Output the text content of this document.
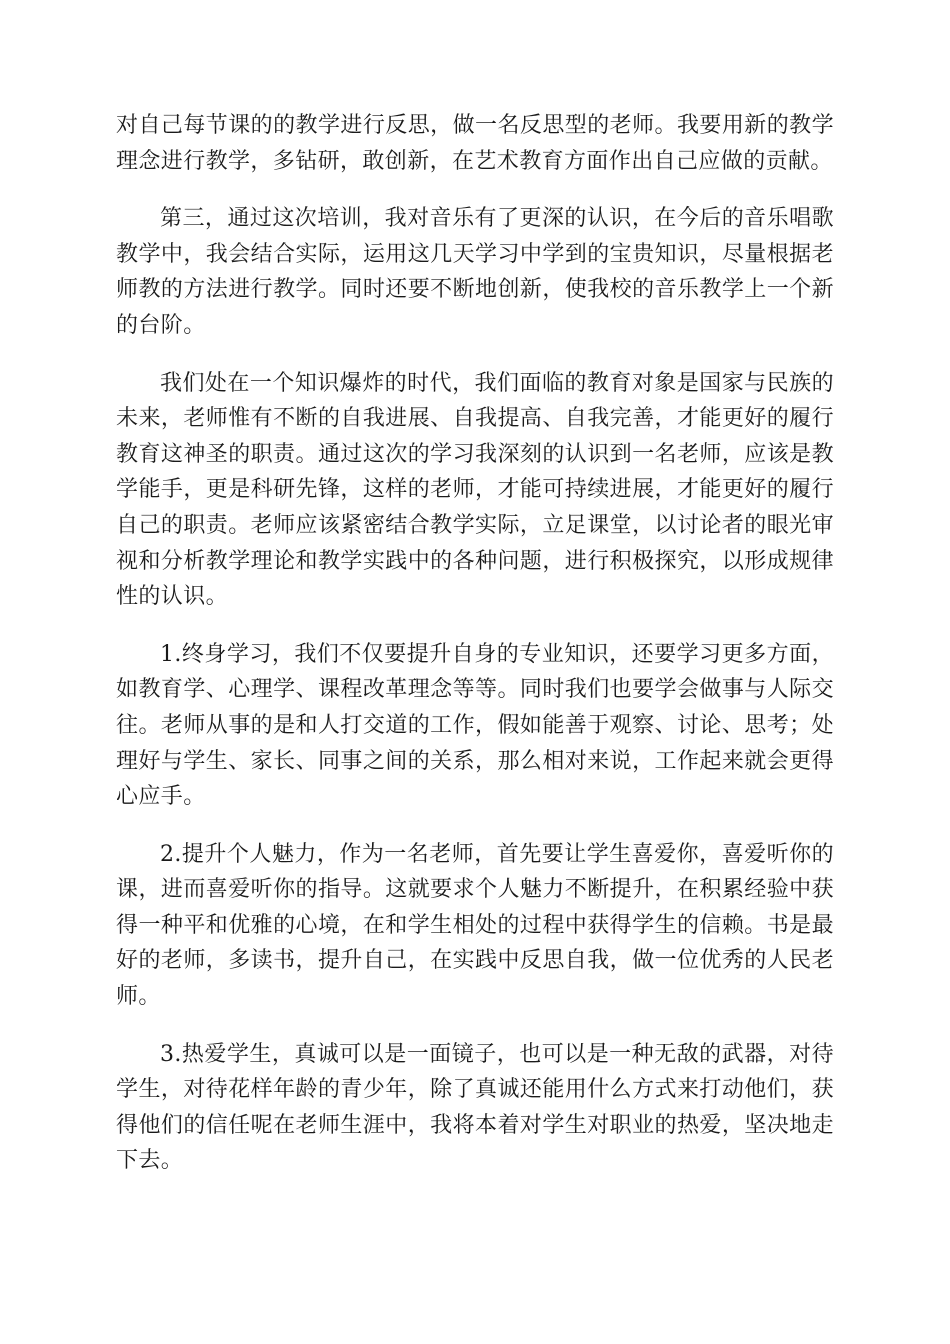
对自己每节课的的教学进行反思，做一名反思型的老师。我要用新的教学理念进行教学，多钻研，敢创新，在艺术教育方面作出自己应做的贡献。

第三，通过这次培训，我对音乐有了更深的认识，在今后的音乐唱歌教学中，我会结合实际，运用这几天学习中学到的宝贵知识，尽量根据老师教的方法进行教学。同时还要不断地创新，使我校的音乐教学上一个新的台阶。

我们处在一个知识爆炸的时代，我们面临的教育对象是国家与民族的未来，老师惟有不断的自我进展、自我提高、自我完善，才能更好的履行教育这神圣的职责。通过这次的学习我深刻的认识到一名老师，应该是教学能手，更是科研先锋，这样的老师，才能可持续进展，才能更好的履行自己的职责。老师应该紧密结合教学实际，立足课堂，以讨论者的眼光审视和分析教学理论和教学实践中的各种问题，进行积极探究，以形成规律性的认识。

1.终身学习，我们不仅要提升自身的专业知识，还要学习更多方面，如教育学、心理学、课程改革理念等等。同时我们也要学会做事与人际交往。老师从事的是和人打交道的工作，假如能善于观察、讨论、思考；处理好与学生、家长、同事之间的关系，那么相对来说，工作起来就会更得心应手。

2.提升个人魅力，作为一名老师，首先要让学生喜爱你，喜爱听你的课，进而喜爱听你的指导。这就要求个人魅力不断提升，在积累经验中获得一种平和优雅的心境，在和学生相处的过程中获得学生的信赖。书是最好的老师，多读书，提升自己，在实践中反思自我，做一位优秀的人民老师。

3.热爱学生，真诚可以是一面镜子，也可以是一种无敌的武器，对待学生，对待花样年龄的青少年，除了真诚还能用什么方式来打动他们，获得他们的信任呢在老师生涯中，我将本着对学生对职业的热爱，坚决地走下去。
